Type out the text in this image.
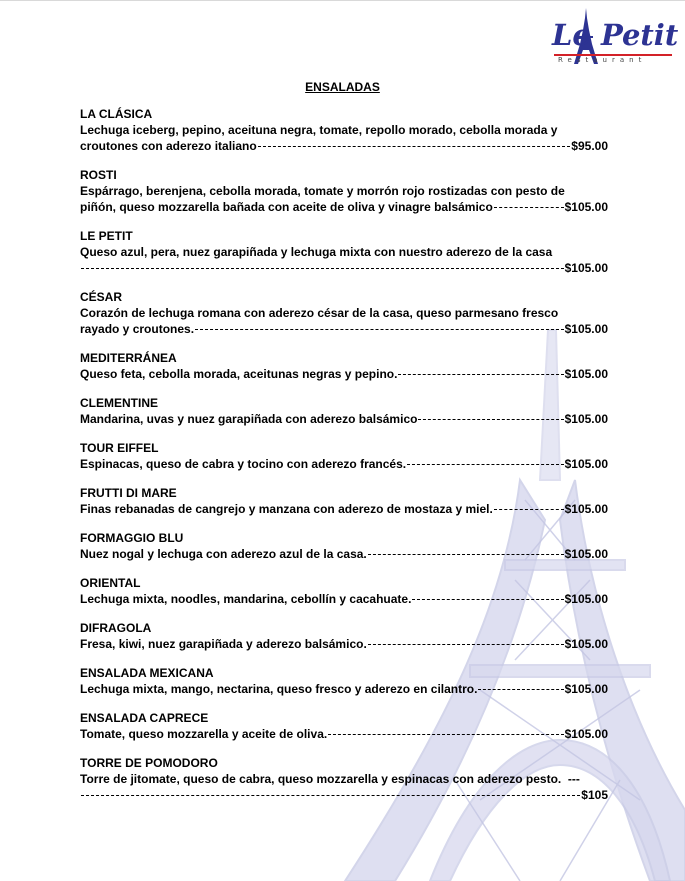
Le Petit
Restaurant
ENSALADAS
LA CLÁSICA
Lechuga iceberg, pepino, aceituna negra, tomate, repollo morado, cebolla morada y
croutones con aderezo italiano	$95.00
ROSTI
Espárrago, berenjena, cebolla morada, tomate y morrón rojo rostizadas con pesto de
piñón, queso mozzarella bañada con aceite de oliva y vinagre balsámico	$105.00
LE PETIT
Queso azul, pera, nuez garapiñada y lechuga mixta con nuestro aderezo de la casa
$105.00
CÉSAR
Corazón de lechuga romana con aderezo césar de la casa, queso parmesano fresco
rayado y croutones.	$105.00
MEDITERRÁNEA
Queso feta, cebolla morada, aceitunas negras y pepino.	$105.00
CLEMENTINE
Mandarina, uvas y nuez garapiñada con aderezo balsámico	$105.00
TOUR EIFFEL
Espinacas, queso de cabra y tocino con aderezo francés.	$105.00
FRUTTI DI MARE
Finas rebanadas de cangrejo y manzana con aderezo de mostaza y miel.	$105.00
FORMAGGIO BLU
Nuez nogal y lechuga con aderezo azul de la casa.	$105.00
ORIENTAL
Lechuga mixta, noodles, mandarina, cebollín y cacahuate.	$105.00
DIFRAGOLA
Fresa, kiwi, nuez garapiñada y aderezo balsámico.	$105.00
ENSALADA MEXICANA
Lechuga mixta, mango, nectarina, queso fresco y aderezo en cilantro.	$105.00
ENSALADA CAPRECE
Tomate, queso mozzarella y aceite de oliva.	$105.00
TORRE DE POMODORO
Torre de jitomate, queso de cabra, queso mozzarella y espinacas con aderezo pesto.  ---
$105
